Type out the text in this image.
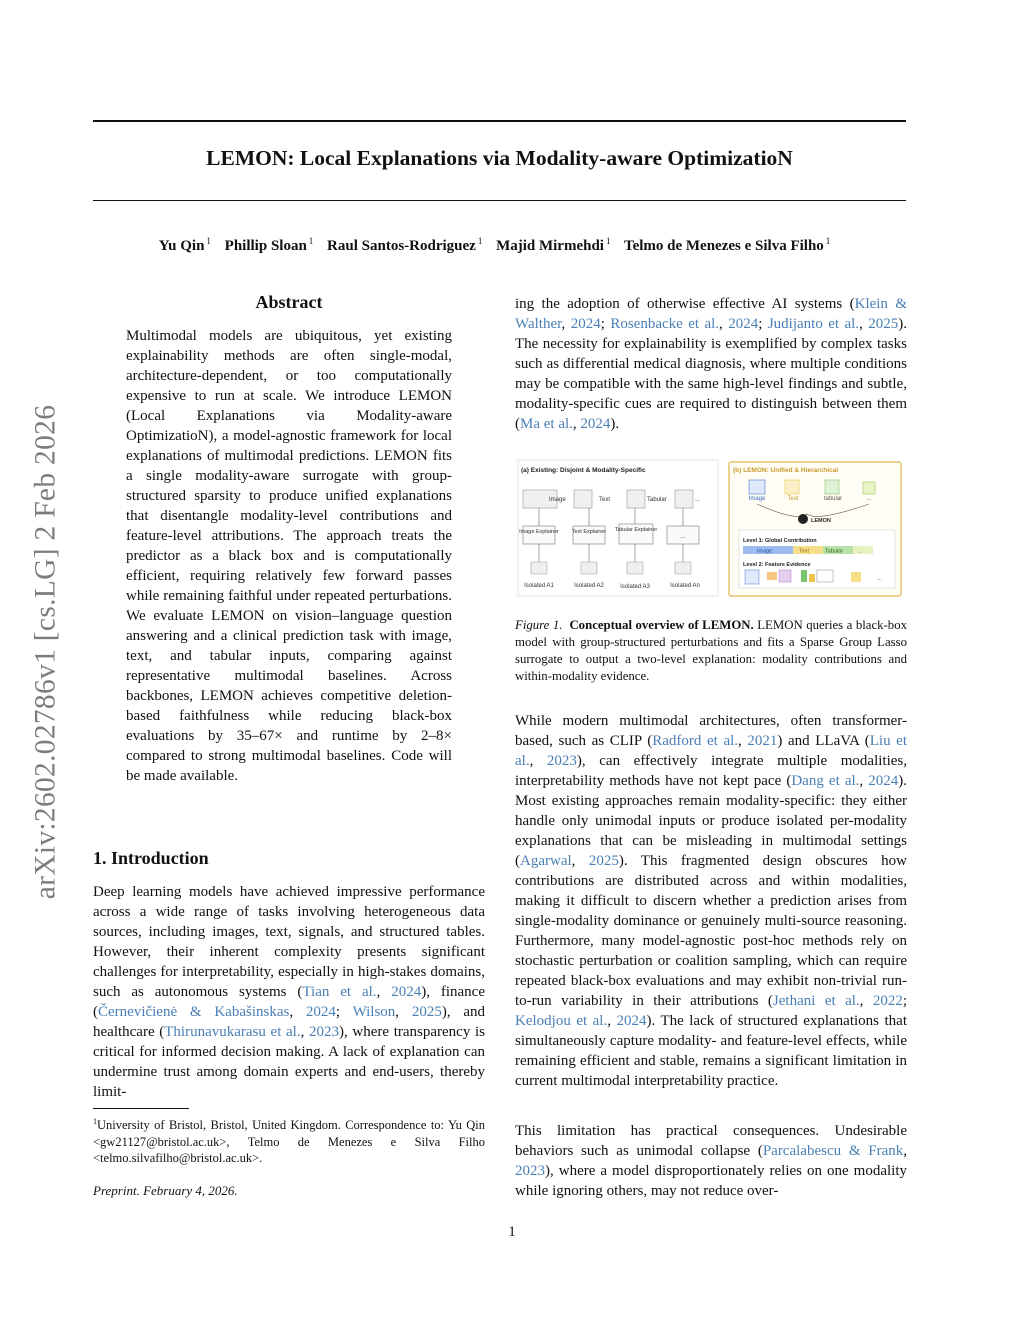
LEMON: Local Explanations via Modality-aware OptimizatioN
Yu Qin $^1$ Phillip Sloan $^1$ Raul Santos-Rodriguez $^1$ Majid Mirmehdi $^1$ Telmo de Menezes e Silva Filho $^1$
arXiv:2602.02786v1 [cs.LG] 2 Feb 2026
Abstract
Multimodal models are ubiquitous, yet existing explainability methods are often single-modal, architecture-dependent, or too computationally expensive to run at scale. We introduce LEMON (Local Explanations via Modality-aware OptimizatioN), a model-agnostic framework for local explanations of multimodal predictions. LEMON fits a single modality-aware surrogate with group-structured sparsity to produce unified explanations that disentangle modality-level contributions and feature-level attributions. The approach treats the predictor as a black box and is computationally efficient, requiring relatively few forward passes while remaining faithful under repeated perturbations. We evaluate LEMON on vision–language question answering and a clinical prediction task with image, text, and tabular inputs, comparing against representative multimodal baselines. Across backbones, LEMON achieves competitive deletion-based faithfulness while reducing black-box evaluations by 35–67× and runtime by 2–8× compared to strong multimodal baselines. Code will be made available.
1. Introduction
Deep learning models have achieved impressive performance across a wide range of tasks involving heterogeneous data sources, including images, text, signals, and structured tables. However, their inherent complexity presents significant challenges for interpretability, especially in high-stakes domains, such as autonomous systems (Tian et al., 2024), finance (Černevičienė & Kabašinskas, 2024; Wilson, 2025), and healthcare (Thirunavukarasu et al., 2023), where transparency is critical for informed decision making. A lack of explanation can undermine trust among domain experts and end-users, thereby limit-
$^1$University of Bristol, Bristol, United Kingdom. Correspondence to: Yu Qin <gw21127@bristol.ac.uk>, Telmo de Menezes e Silva Filho <telmo.silvafilho@bristol.ac.uk>.
Preprint. February 4, 2026.
ing the adoption of otherwise effective AI systems (Klein & Walther, 2024; Rosenbacke et al., 2024; Judijanto et al., 2025). The necessity for explainability is exemplified by complex tasks such as differential medical diagnosis, where multiple conditions may be compatible with the same high-level findings and subtle, modality-specific cues are required to distinguish between them (Ma et al., 2024).
(a) Existing: Disjoint & Modality-Specific
Image	Text	Tabular	...
Image Explainer Text Explainer Tabular Explainer
...
Isolated A1	Isolated A2	Isolated A3	Isolated An
(b) LEMON: Unified & Hierarchical
Image	Text	tabular	...
LEMON
Level 1: Global Contribution
Image	Text	Tabular	...
Level 2: Feature Evidence
...
Figure 1. Conceptual overview of LEMON. LEMON queries a black-box model with group-structured perturbations and fits a Sparse Group Lasso surrogate to output a two-level explanation: modality contributions and within-modality evidence.
While modern multimodal architectures, often transformer-based, such as CLIP (Radford et al., 2021) and LLaVA (Liu et al., 2023), can effectively integrate multiple modalities, interpretability methods have not kept pace (Dang et al., 2024). Most existing approaches remain modality-specific: they either handle only unimodal inputs or produce isolated per-modality explanations that can be misleading in multimodal settings (Agarwal, 2025). This fragmented design obscures how contributions are distributed across and within modalities, making it difficult to discern whether a prediction arises from single-modality dominance or genuinely multi-source reasoning. Furthermore, many model-agnostic post-hoc methods rely on stochastic perturbation or coalition sampling, which can require repeated black-box evaluations and may exhibit non-trivial run-to-run variability in their attributions (Jethani et al., 2022; Kelodjou et al., 2024). The lack of structured explanations that simultaneously capture modality- and feature-level effects, while remaining efficient and stable, remains a significant limitation in current multimodal interpretability practice.
This limitation has practical consequences. Undesirable behaviors such as unimodal collapse (Parcalabescu & Frank, 2023), where a model disproportionately relies on one modality while ignoring others, may not reduce over-
1
